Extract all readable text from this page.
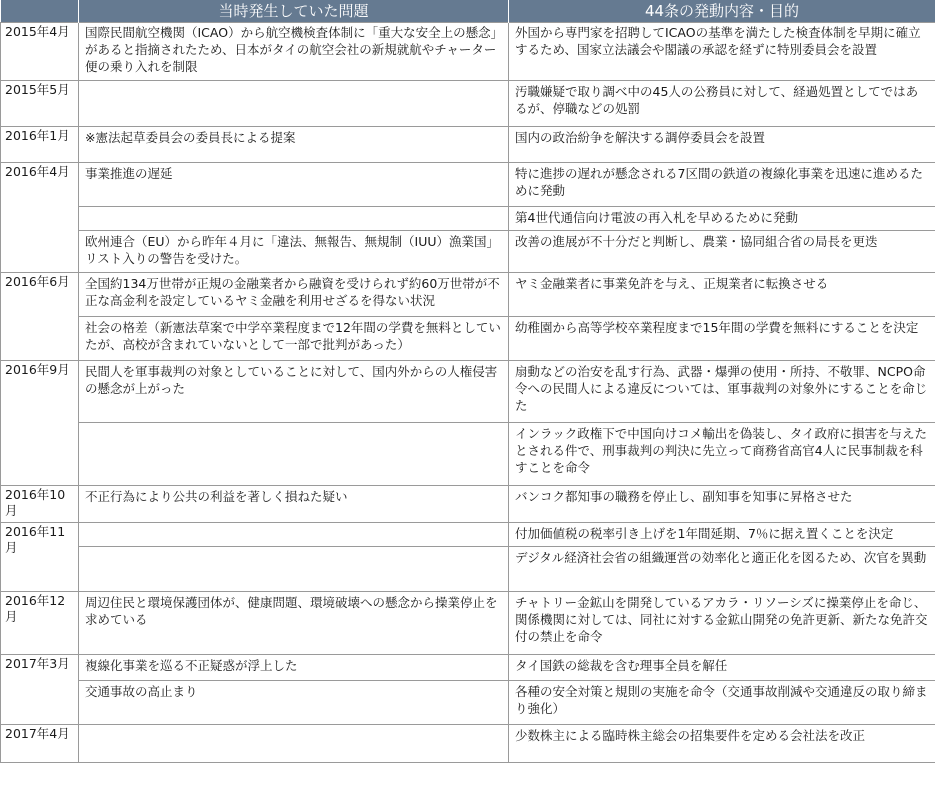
	当時発生していた問題	44条の発動内容・目的
2015年4月	国際民間航空機関（ICAO）から航空機検査体制に「重大な安全上の懸念」があると指摘されたため、日本がタイの航空会社の新規就航やチャーター便の乗り入れを制限	外国から専門家を招聘してICAOの基準を満たした検査体制を早期に確立するため、国家立法議会や閣議の承認を経ずに特別委員会を設置
2015年5月		汚職嫌疑で取り調べ中の45人の公務員に対して、経過処置としてではあるが、停職などの処罰
2016年1月	※憲法起草委員会の委員長による提案	国内の政治紛争を解決する調停委員会を設置
2016年4月	事業推進の遅延	特に進捗の遅れが懸念される7区間の鉄道の複線化事業を迅速に進めるために発動
		第4世代通信向け電波の再入札を早めるために発動
	欧州連合（EU）から昨年４月に「違法、無報告、無規制（IUU）漁業国」リスト入りの警告を受けた。	改善の進展が不十分だと判断し、農業・協同組合省の局長を更迭
2016年6月	全国約134万世帯が正規の金融業者から融資を受けられず約60万世帯が不正な高金利を設定しているヤミ金融を利用せざるを得ない状況	ヤミ金融業者に事業免許を与え、正規業者に転換させる
	社会の格差（新憲法草案で中学卒業程度まで12年間の学費を無料としていたが、高校が含まれていないとして一部で批判があった）	幼稚園から高等学校卒業程度まで15年間の学費を無料にすることを決定
2016年9月	民間人を軍事裁判の対象としていることに対して、国内外からの人権侵害の懸念が上がった	扇動などの治安を乱す行為、武器・爆弾の使用・所持、不敬罪、NCPO命令への民間人による違反については、軍事裁判の対象外にすることを命じた
		インラック政権下で中国向けコメ輸出を偽装し、タイ政府に損害を与えたとされる件で、刑事裁判の判決に先立って商務省高官4人に民事制裁を科すことを命令
2016年10月	不正行為により公共の利益を著しく損ねた疑い	バンコク都知事の職務を停止し、副知事を知事に昇格させた
2016年11月		付加価値税の税率引き上げを1年間延期、7％に据え置くことを決定
		デジタル経済社会省の組織運営の効率化と適正化を図るため、次官を異動
2016年12月	周辺住民と環境保護団体が、健康問題、環境破壊への懸念から操業停止を求めている	チャトリー金鉱山を開発しているアカラ・リソーシズに操業停止を命じ、関係機関に対しては、同社に対する金鉱山開発の免許更新、新たな免許交付の禁止を命令
2017年3月	複線化事業を巡る不正疑惑が浮上した	タイ国鉄の総裁を含む理事全員を解任
	交通事故の高止まり	各種の安全対策と規則の実施を命令（交通事故削減や交通違反の取り締まり強化）
2017年4月		少数株主による臨時株主総会の招集要件を定める会社法を改正
